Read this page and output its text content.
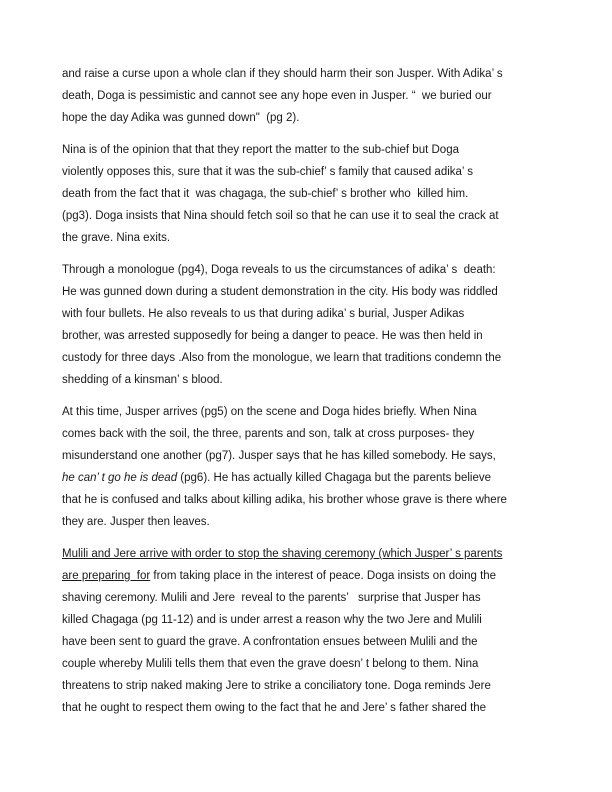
and raise a curse upon a whole clan if they should harm their son Jusper. With Adika’ s
death, Doga is pessimistic and cannot see any hope even in Jusper. “  we buried our
hope the day Adika was gunned down"  (pg 2).
Nina is of the opinion that that they report the matter to the sub-chief but Doga
violently opposes this, sure that it was the sub-chief’ s family that caused adika’ s
death from the fact that it  was chagaga, the sub-chief’ s brother who  killed him.
(pg3). Doga insists that Nina should fetch soil so that he can use it to seal the crack at
the grave. Nina exits.
Through a monologue (pg4), Doga reveals to us the circumstances of adika’ s  death:
He was gunned down during a student demonstration in the city. His body was riddled
with four bullets. He also reveals to us that during adika’ s burial, Jusper Adikas
brother, was arrested supposedly for being a danger to peace. He was then held in
custody for three days .Also from the monologue, we learn that traditions condemn the
shedding of a kinsman’ s blood.
At this time, Jusper arrives (pg5) on the scene and Doga hides briefly. When Nina
comes back with the soil, the three, parents and son, talk at cross purposes- they
misunderstand one another (pg7). Jusper says that he has killed somebody. He says,
he can’ t go he is dead (pg6). He has actually killed Chagaga but the parents believe
that he is confused and talks about killing adika, his brother whose grave is there where
they are. Jusper then leaves.
Mulili and Jere arrive with order to stop the shaving ceremony (which Jusper’ s parents
are preparing  for from taking place in the interest of peace. Doga insists on doing the
shaving ceremony. Mulili and Jere  reveal to the parents’   surprise that Jusper has
killed Chagaga (pg 11-12) and is under arrest a reason why the two Jere and Mulili
have been sent to guard the grave. A confrontation ensues between Mulili and the
couple whereby Mulili tells them that even the grave doesn’ t belong to them. Nina
threatens to strip naked making Jere to strike a conciliatory tone. Doga reminds Jere
that he ought to respect them owing to the fact that he and Jere’ s father shared the
